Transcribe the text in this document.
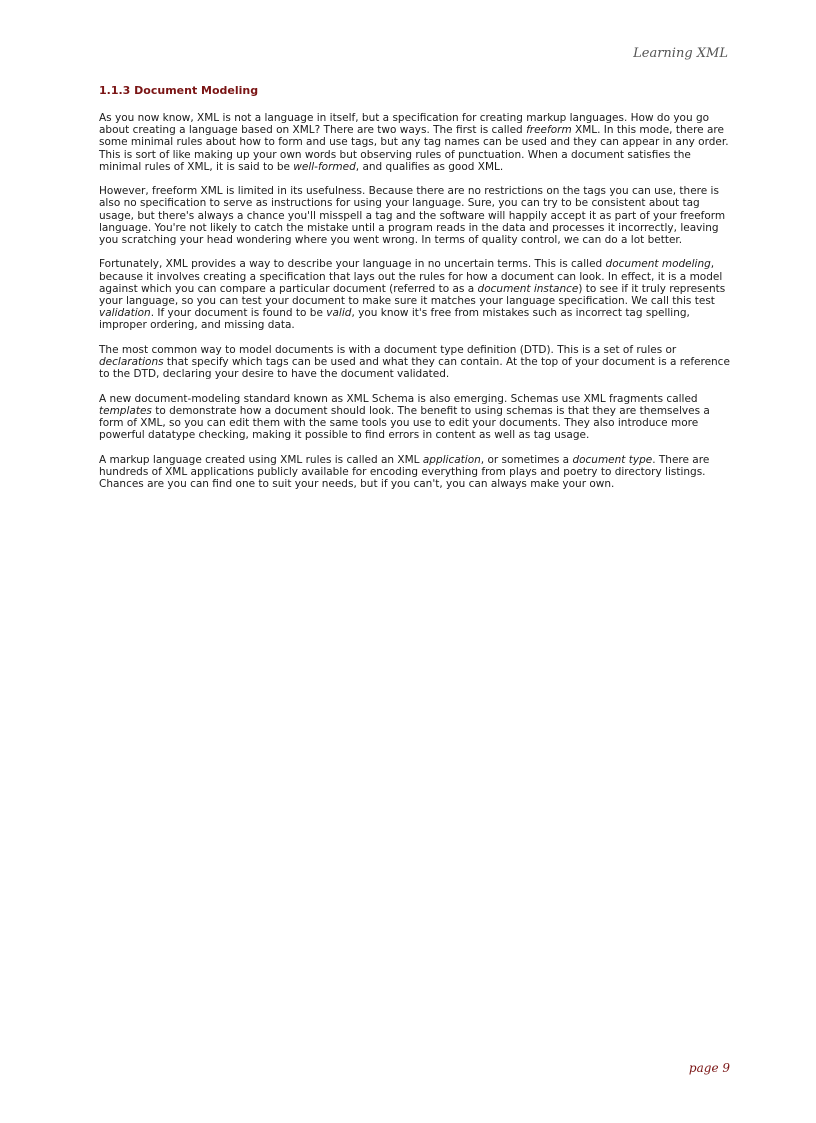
Learning XML
1.1.3 Document Modeling

As you now know, XML is not a language in itself, but a specification for creating markup languages. How do you go about creating a language based on XML? There are two ways. The first is called freeform XML. In this mode, there are some minimal rules about how to form and use tags, but any tag names can be used and they can appear in any order. This is sort of like making up your own words but observing rules of punctuation. When a document satisfies the minimal rules of XML, it is said to be well-formed, and qualifies as good XML.

However, freeform XML is limited in its usefulness. Because there are no restrictions on the tags you can use, there is also no specification to serve as instructions for using your language. Sure, you can try to be consistent about tag usage, but there's always a chance you'll misspell a tag and the software will happily accept it as part of your freeform language. You're not likely to catch the mistake until a program reads in the data and processes it incorrectly, leaving you scratching your head wondering where you went wrong. In terms of quality control, we can do a lot better.

Fortunately, XML provides a way to describe your language in no uncertain terms. This is called document modeling, because it involves creating a specification that lays out the rules for how a document can look. In effect, it is a model against which you can compare a particular document (referred to as a document instance) to see if it truly represents your language, so you can test your document to make sure it matches your language specification. We call this test validation. If your document is found to be valid, you know it's free from mistakes such as incorrect tag spelling, improper ordering, and missing data.

The most common way to model documents is with a document type definition (DTD). This is a set of rules or declarations that specify which tags can be used and what they can contain. At the top of your document is a reference to the DTD, declaring your desire to have the document validated.

A new document-modeling standard known as XML Schema is also emerging. Schemas use XML fragments called templates to demonstrate how a document should look. The benefit to using schemas is that they are themselves a form of XML, so you can edit them with the same tools you use to edit your documents. They also introduce more powerful datatype checking, making it possible to find errors in content as well as tag usage.

A markup language created using XML rules is called an XML application, or sometimes a document type. There are hundreds of XML applications publicly available for encoding everything from plays and poetry to directory listings. Chances are you can find one to suit your needs, but if you can't, you can always make your own.

page 9
